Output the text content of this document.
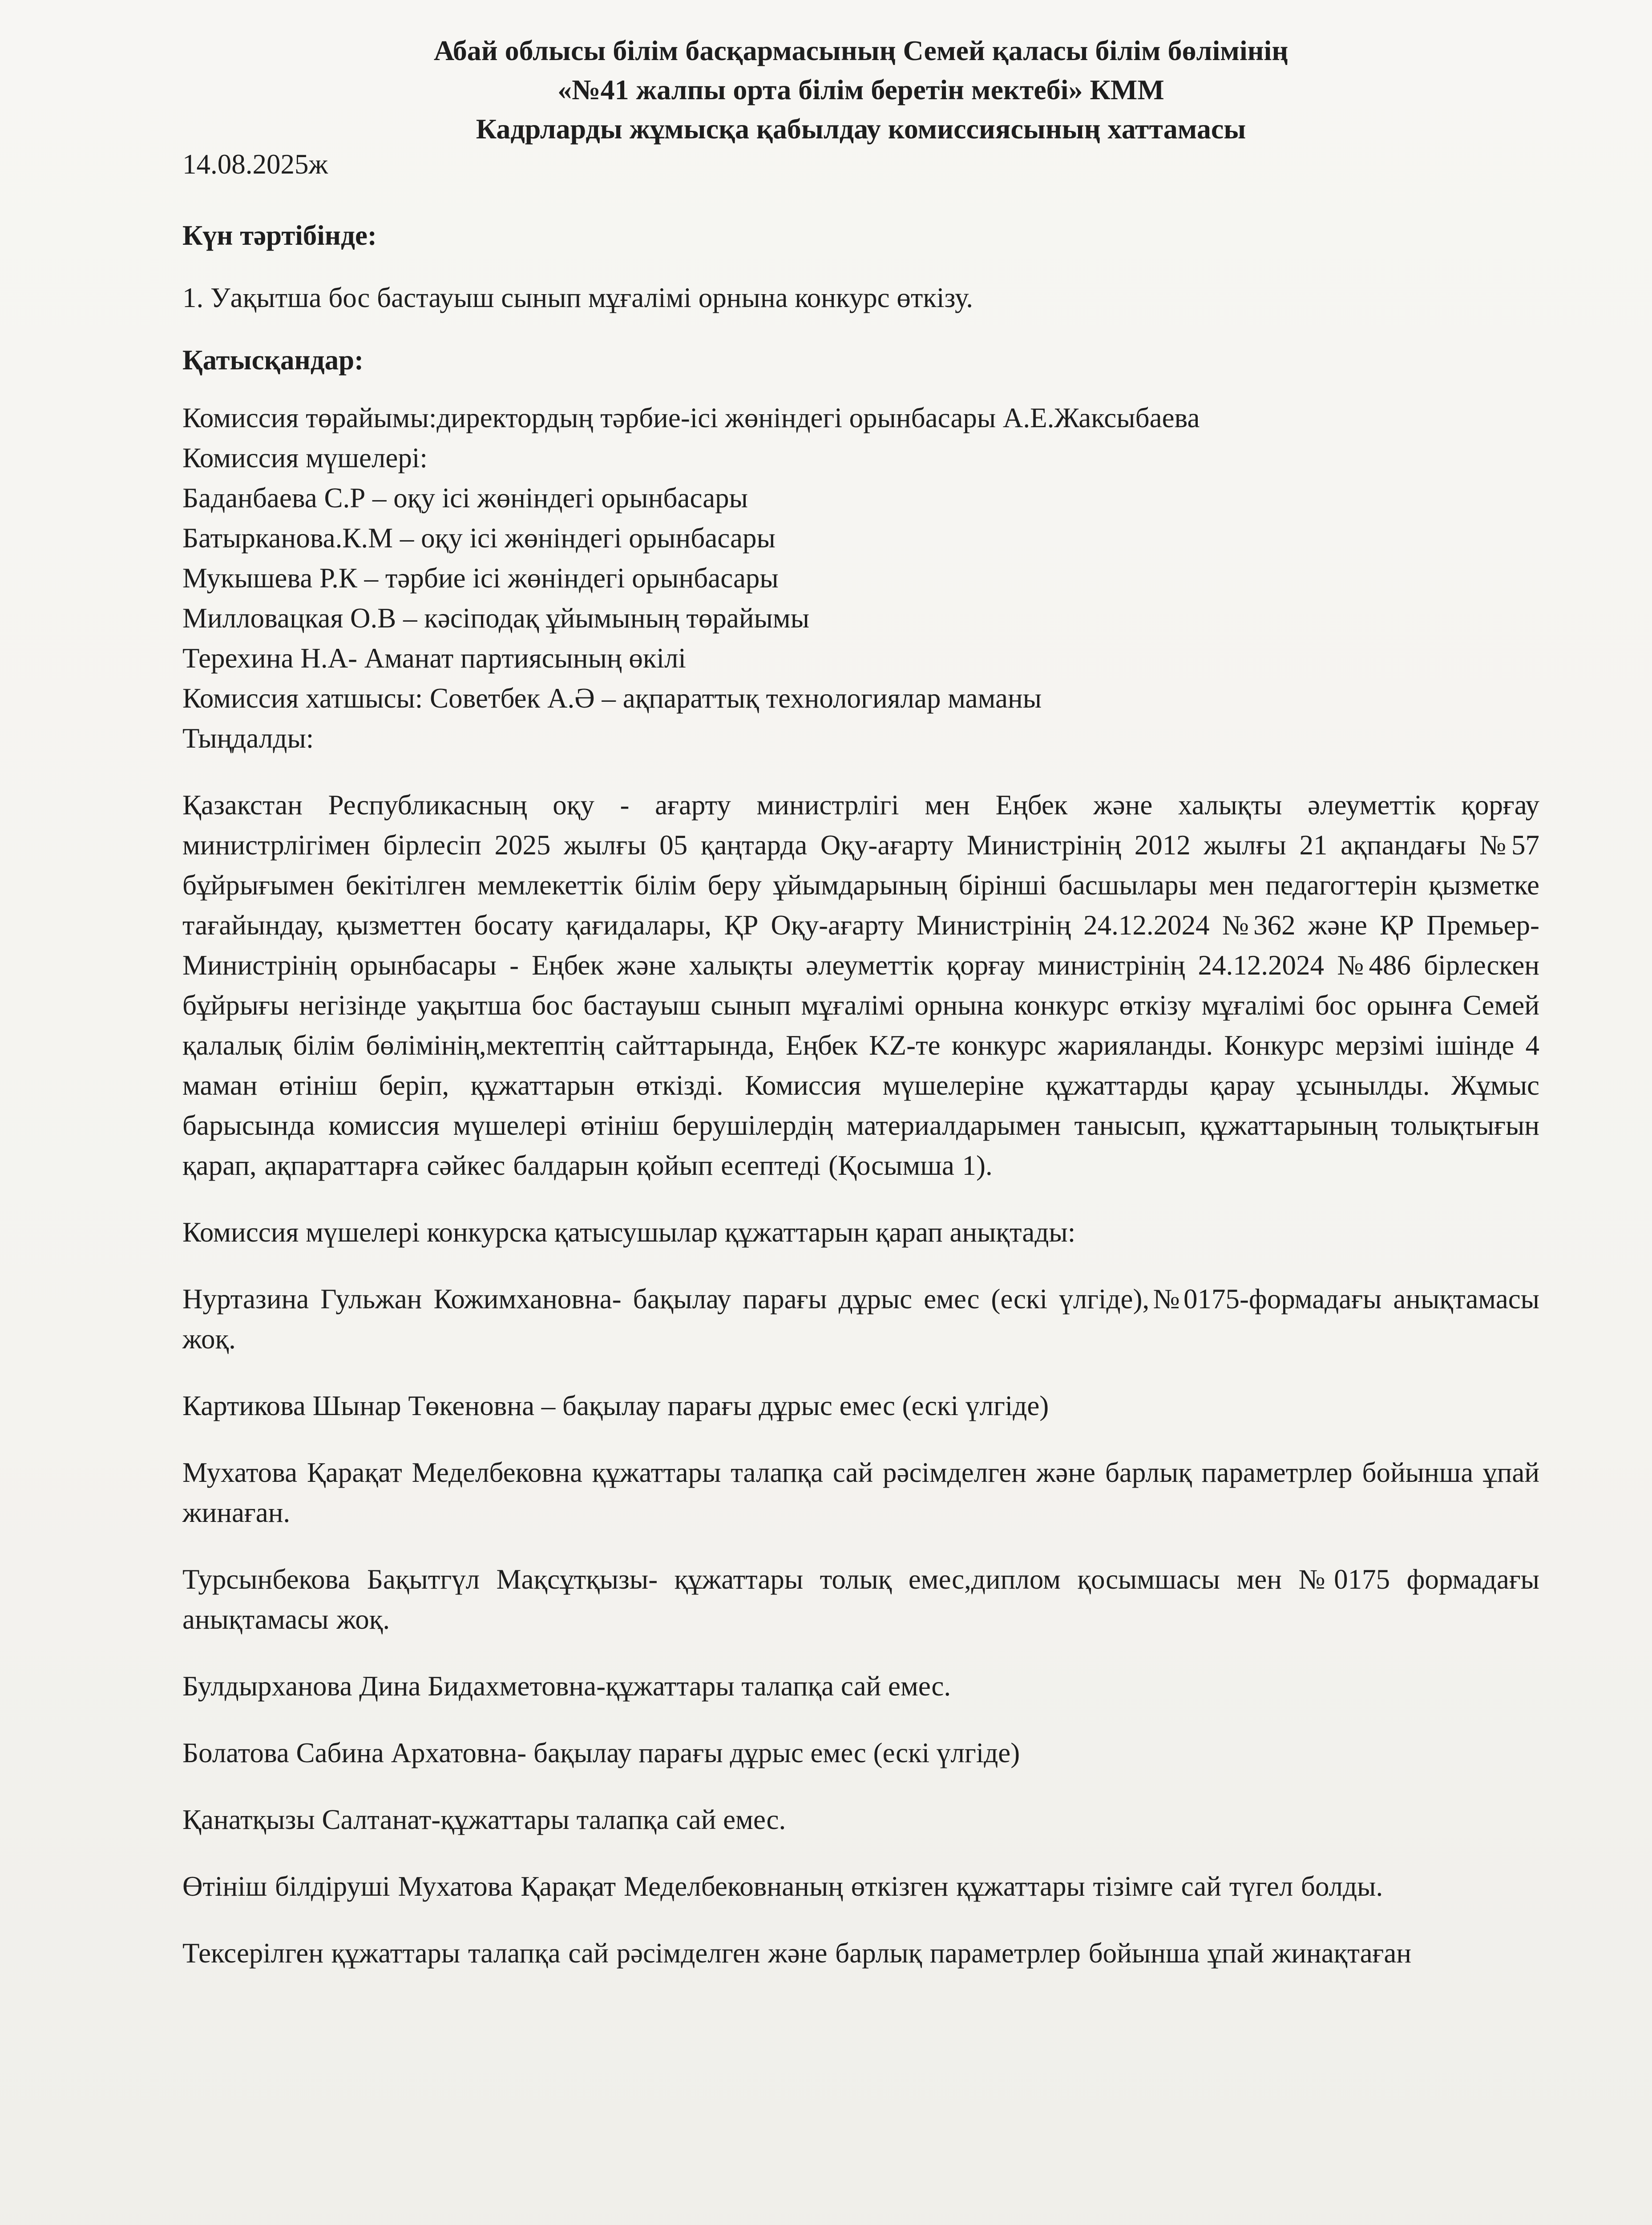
Абай облысы білім басқармасының Семей қаласы білім бөлімінің
«№41 жалпы орта білім беретін мектебі» КММ
Кадрларды жұмысқа қабылдау комиссиясының хаттамасы

14.08.2025ж

Күн тәртібінде:

1. Уақытша бос бастауыш сынып мұғалімі орнына конкурс өткізу.

Қатысқандар:

Комиссия төрайымы:директордың тәрбие-ісі жөніндегі орынбасары А.Е.Жаксыбаева
Комиссия мүшелері:
Баданбаева С.Р – оқу ісі жөніндегі орынбасары
Батырканова.К.М – оқу ісі жөніндегі орынбасары
Мукышева Р.К – тәрбие ісі жөніндегі орынбасары
Милловацкая О.В – кәсіподақ ұйымының төрайымы
Терехина Н.А- Аманат партиясының өкілі
Комиссия хатшысы: Советбек А.Ә – ақпараттық технологиялар маманы
Тыңдалды:

Қазакстан Республикасның оқу - ағарту министрлігі мен Еңбек және халықты әлеуметтік қорғау министрлігімен бірлесіп 2025 жылғы 05 қаңтарда Оқу-ағарту Министрінің 2012 жылғы 21 ақпандағы №57 бұйрығымен бекітілген мемлекеттік білім беру ұйымдарының бірінші басшылары мен педагогтерін қызметке тағайындау, қызметтен босату қағидалары, ҚР Оқу-ағарту Министрінің 24.12.2024 №362 және ҚР Премьер-Министрінің орынбасары - Еңбек және халықты әлеуметтік қорғау министрінің 24.12.2024 №486 бірлескен бұйрығы негізінде уақытша бос бастауыш сынып мұғалімі орнына конкурс өткізу мұғалімі бос орынға Семей қалалық білім бөлімінің,мектептің сайттарында, Еңбек KZ-те конкурс жарияланды. Конкурс мерзімі ішінде 4 маман өтініш беріп, құжаттарын өткізді. Комиссия мүшелеріне құжаттарды қарау ұсынылды. Жұмыс барысында комиссия мүшелері өтініш берушілердің материалдарымен танысып, құжаттарының толықтығын қарап, ақпараттарға сәйкес балдарын қойып есептеді (Қосымша 1).

Комиссия мүшелері конкурска қатысушылар құжаттарын қарап анықтады:

Нуртазина Гульжан Кожимхановна- бақылау парағы дұрыс емес (ескі үлгіде),№0175-формадағы анықтамасы жоқ.

Картикова Шынар Төкеновна – бақылау парағы дұрыс емес (ескі үлгіде)

Мухатова Қарақат Меделбековна құжаттары талапқа сай рәсімделген және барлық параметрлер бойынша ұпай жинаған.

Турсынбекова Бақытгүл Мақсұтқызы- құжаттары толық емес,диплом қосымшасы мен №0175 формадағы анықтамасы жоқ.

Булдырханова Дина Бидахметовна-құжаттары талапқа сай емес.

Болатова Сабина Архатовна- бақылау парағы дұрыс емес (ескі үлгіде)

Қанатқызы Салтанат-құжаттары талапқа сай емес.

Өтініш білдіруші Мухатова Қарақат Меделбековнаның өткізген құжаттары тізімге сай түгел болды.

Тексерілген құжаттары талапқа сай рәсімделген және барлық параметрлер бойынша ұпай жинақтаған
